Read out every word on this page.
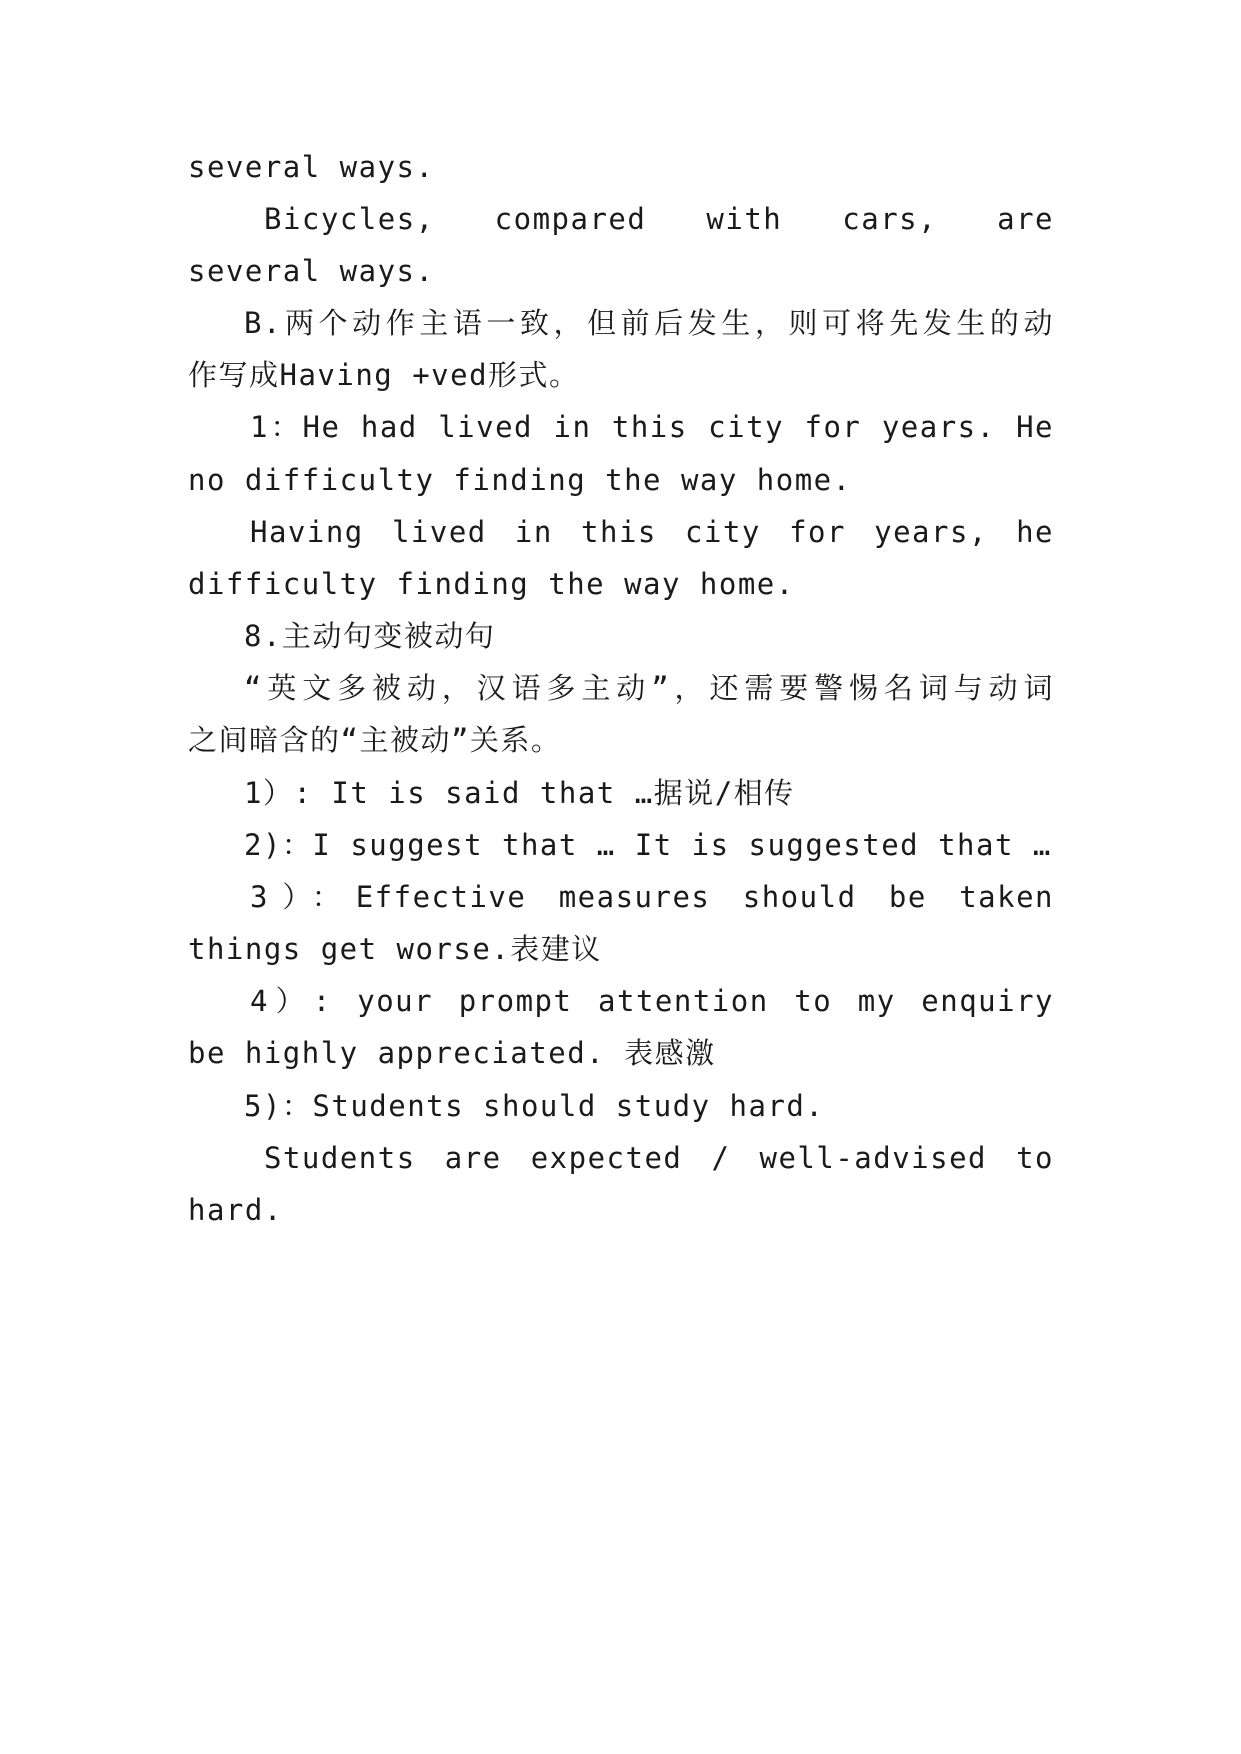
several ways.
Bicycles, compared with cars, are
several ways.
B.两个动作主语一致，但前后发生，则可将先发生的动
作写成Having +ved形式。
1：He had lived in this city for years. He
no difficulty finding the way home.
Having lived in this city for years, he
difficulty finding the way home.
8.主动句变被动句
“英文多被动，汉语多主动”，还需要警惕名词与动词
之间暗含的“主被动”关系。
1）: It is said that …据说/相传
2)：I suggest that … It is suggested that …
3）：Effective measures should be taken
things get worse.表建议
4）: your prompt attention to my enquiry
be highly appreciated. 表感激
5)：Students should study hard.
Students are expected / well-advised to
hard.
